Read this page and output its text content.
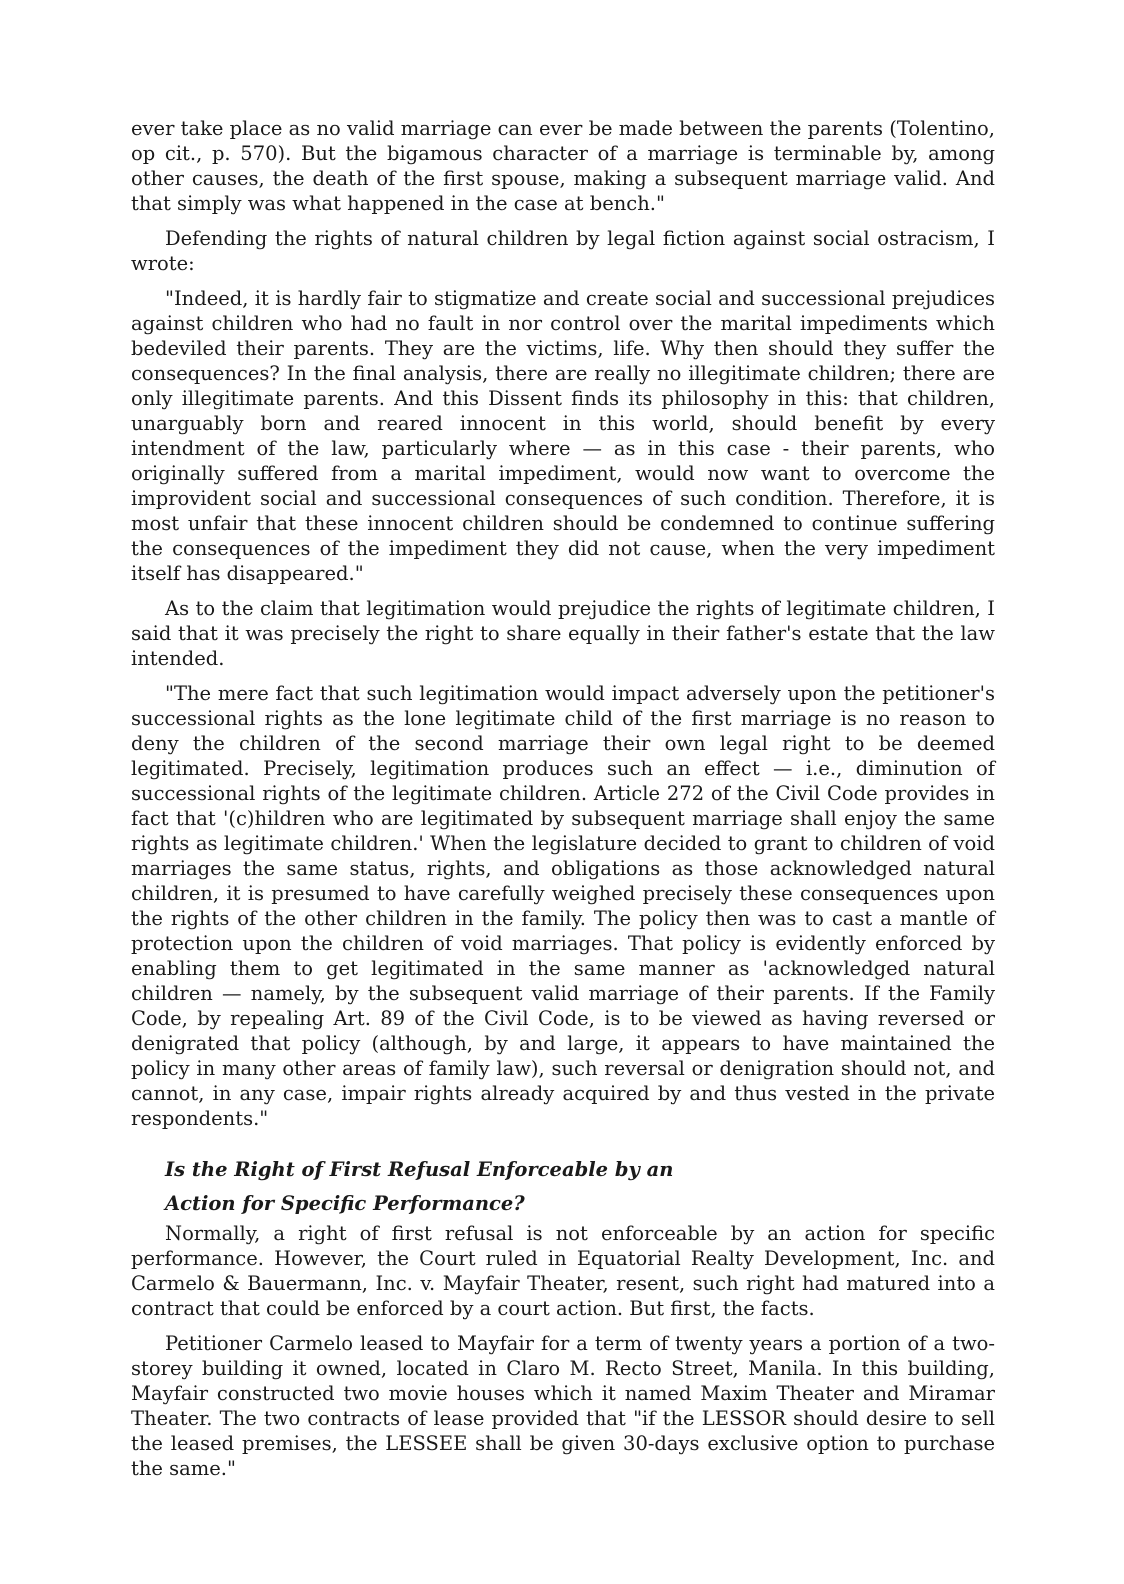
ever take place as no valid marriage can ever be made between the parents (Tolentino, op cit., p. 570). But the bigamous character of a marriage is terminable by, among other causes, the death of the first spouse, making a subsequent marriage valid. And that simply was what happened in the case at bench."

Defending the rights of natural children by legal fiction against social ostracism, I wrote:

"Indeed, it is hardly fair to stigmatize and create social and successional prejudices against children who had no fault in nor control over the marital impediments which bedeviled their parents. They are the victims, life. Why then should they suffer the consequences? In the final analysis, there are really no illegitimate children; there are only illegitimate parents. And this Dissent finds its philosophy in this: that children, unarguably born and reared innocent in this world, should benefit by every intendment of the law, particularly where — as in this case - their parents, who originally suffered from a marital impediment, would now want to overcome the improvident social and successional consequences of such condition. Therefore, it is most unfair that these innocent children should be condemned to continue suffering the consequences of the impediment they did not cause, when the very impediment itself has disappeared."

As to the claim that legitimation would prejudice the rights of legitimate children, I said that it was precisely the right to share equally in their father's estate that the law intended.

"The mere fact that such legitimation would impact adversely upon the petitioner's successional rights as the lone legitimate child of the first marriage is no reason to deny the children of the second marriage their own legal right to be deemed legitimated. Precisely, legitimation produces such an effect — i.e., diminution of successional rights of the legitimate children. Article 272 of the Civil Code provides in fact that '(c)hildren who are legitimated by subsequent marriage shall enjoy the same rights as legitimate children.' When the legislature decided to grant to children of void marriages the same status, rights, and obligations as those acknowledged natural children, it is presumed to have carefully weighed precisely these consequences upon the rights of the other children in the family. The policy then was to cast a mantle of protection upon the children of void marriages. That policy is evidently enforced by enabling them to get legitimated in the same manner as 'acknowledged natural children — namely, by the subsequent valid marriage of their parents. If the Family Code, by repealing Art. 89 of the Civil Code, is to be viewed as having reversed or denigrated that policy (although, by and large, it appears to have maintained the policy in many other areas of family law), such reversal or denigration should not, and cannot, in any case, impair rights already acquired by and thus vested in the private respondents."

Is the Right of First Refusal Enforceable by an

Action for Specific Performance?

Normally, a right of first refusal is not enforceable by an action for specific performance. However, the Court ruled in Equatorial Realty Development, Inc. and Carmelo & Bauermann, Inc. v. Mayfair Theater, resent, such right had matured into a contract that could be enforced by a court action. But first, the facts.

Petitioner Carmelo leased to Mayfair for a term of twenty years a portion of a two-storey building it owned, located in Claro M. Recto Street, Manila. In this building, Mayfair constructed two movie houses which it named Maxim Theater and Miramar Theater. The two contracts of lease provided that "if the LESSOR should desire to sell the leased premises, the LESSEE shall be given 30-days exclusive option to purchase the same."
